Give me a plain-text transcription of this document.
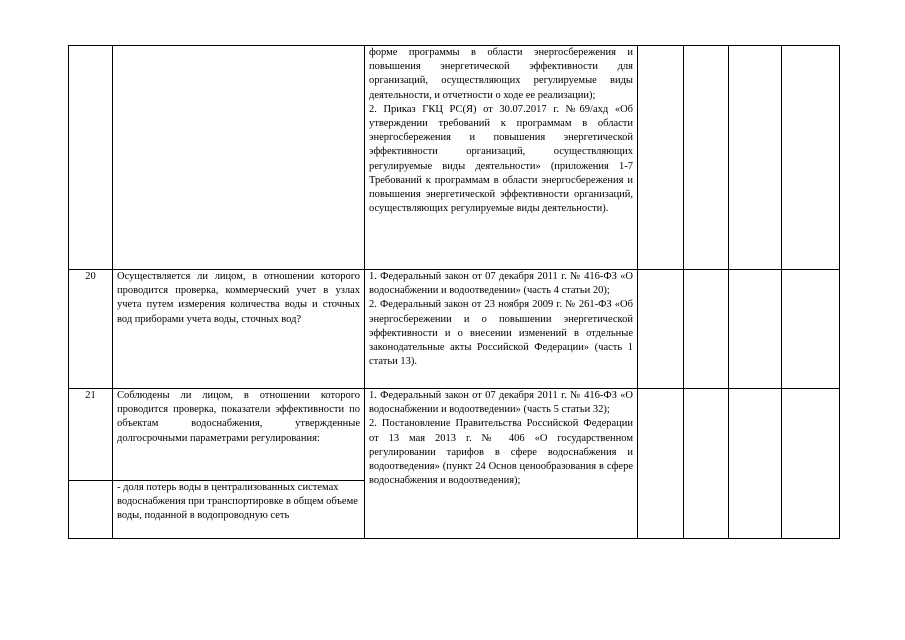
		форме программы в области энергосбережения и повышения энергетической эффективности для организаций, осуществляющих регулируемые виды деятельности, и отчетности о ходе ее реализации);
2. Приказ ГКЦ РС(Я) от 30.07.2017 г. №69/ахд «Об утверждении требований к программам в области энергосбережения и повышения энергетической эффективности организаций, осуществляющих регулируемые виды деятельности» (приложения 1-7 Требований к программам в области энергосбережения и повышения энергетической эффективности организаций, осуществляющих регулируемые виды деятельности).				

20	Осуществляется ли лицом, в отношении которого проводится проверка, коммерческий учет в узлах учета путем измерения количества воды и сточных вод приборами учета воды, сточных вод?	1. Федеральный закон от 07 декабря 2011 г. № 416-ФЗ «О водоснабжении и водоотведении» (часть 4 статьи 20);
2. Федеральный закон от 23 ноября 2009 г. № 261-ФЗ «Об энергосбережении и о повышении энергетической эффективности и о внесении изменений в отдельные законодательные акты Российской Федерации» (часть 1 статьи 13).				

21	Соблюдены ли лицом, в отношении которого проводится проверка, показатели эффективности по объектам водоснабжения, утвержденные долгосрочными параметрами регулирования:	1. Федеральный закон от 07 декабря 2011 г. № 416-ФЗ «О водоснабжении и водоотведении» (часть 5 статьи 32);
2. Постановление Правительства Российской Федерации от 13 мая 2013 г. № 406 «О государственном регулировании тарифов в сфере водоснабжения и водоотведения» (пункт 24 Основ ценообразования в сфере водоснабжения и водоотведения);				

	- доля потерь воды в централизованных системах водоснабжения при транспортировке в общем объеме воды, поданной в водопроводную сеть					
